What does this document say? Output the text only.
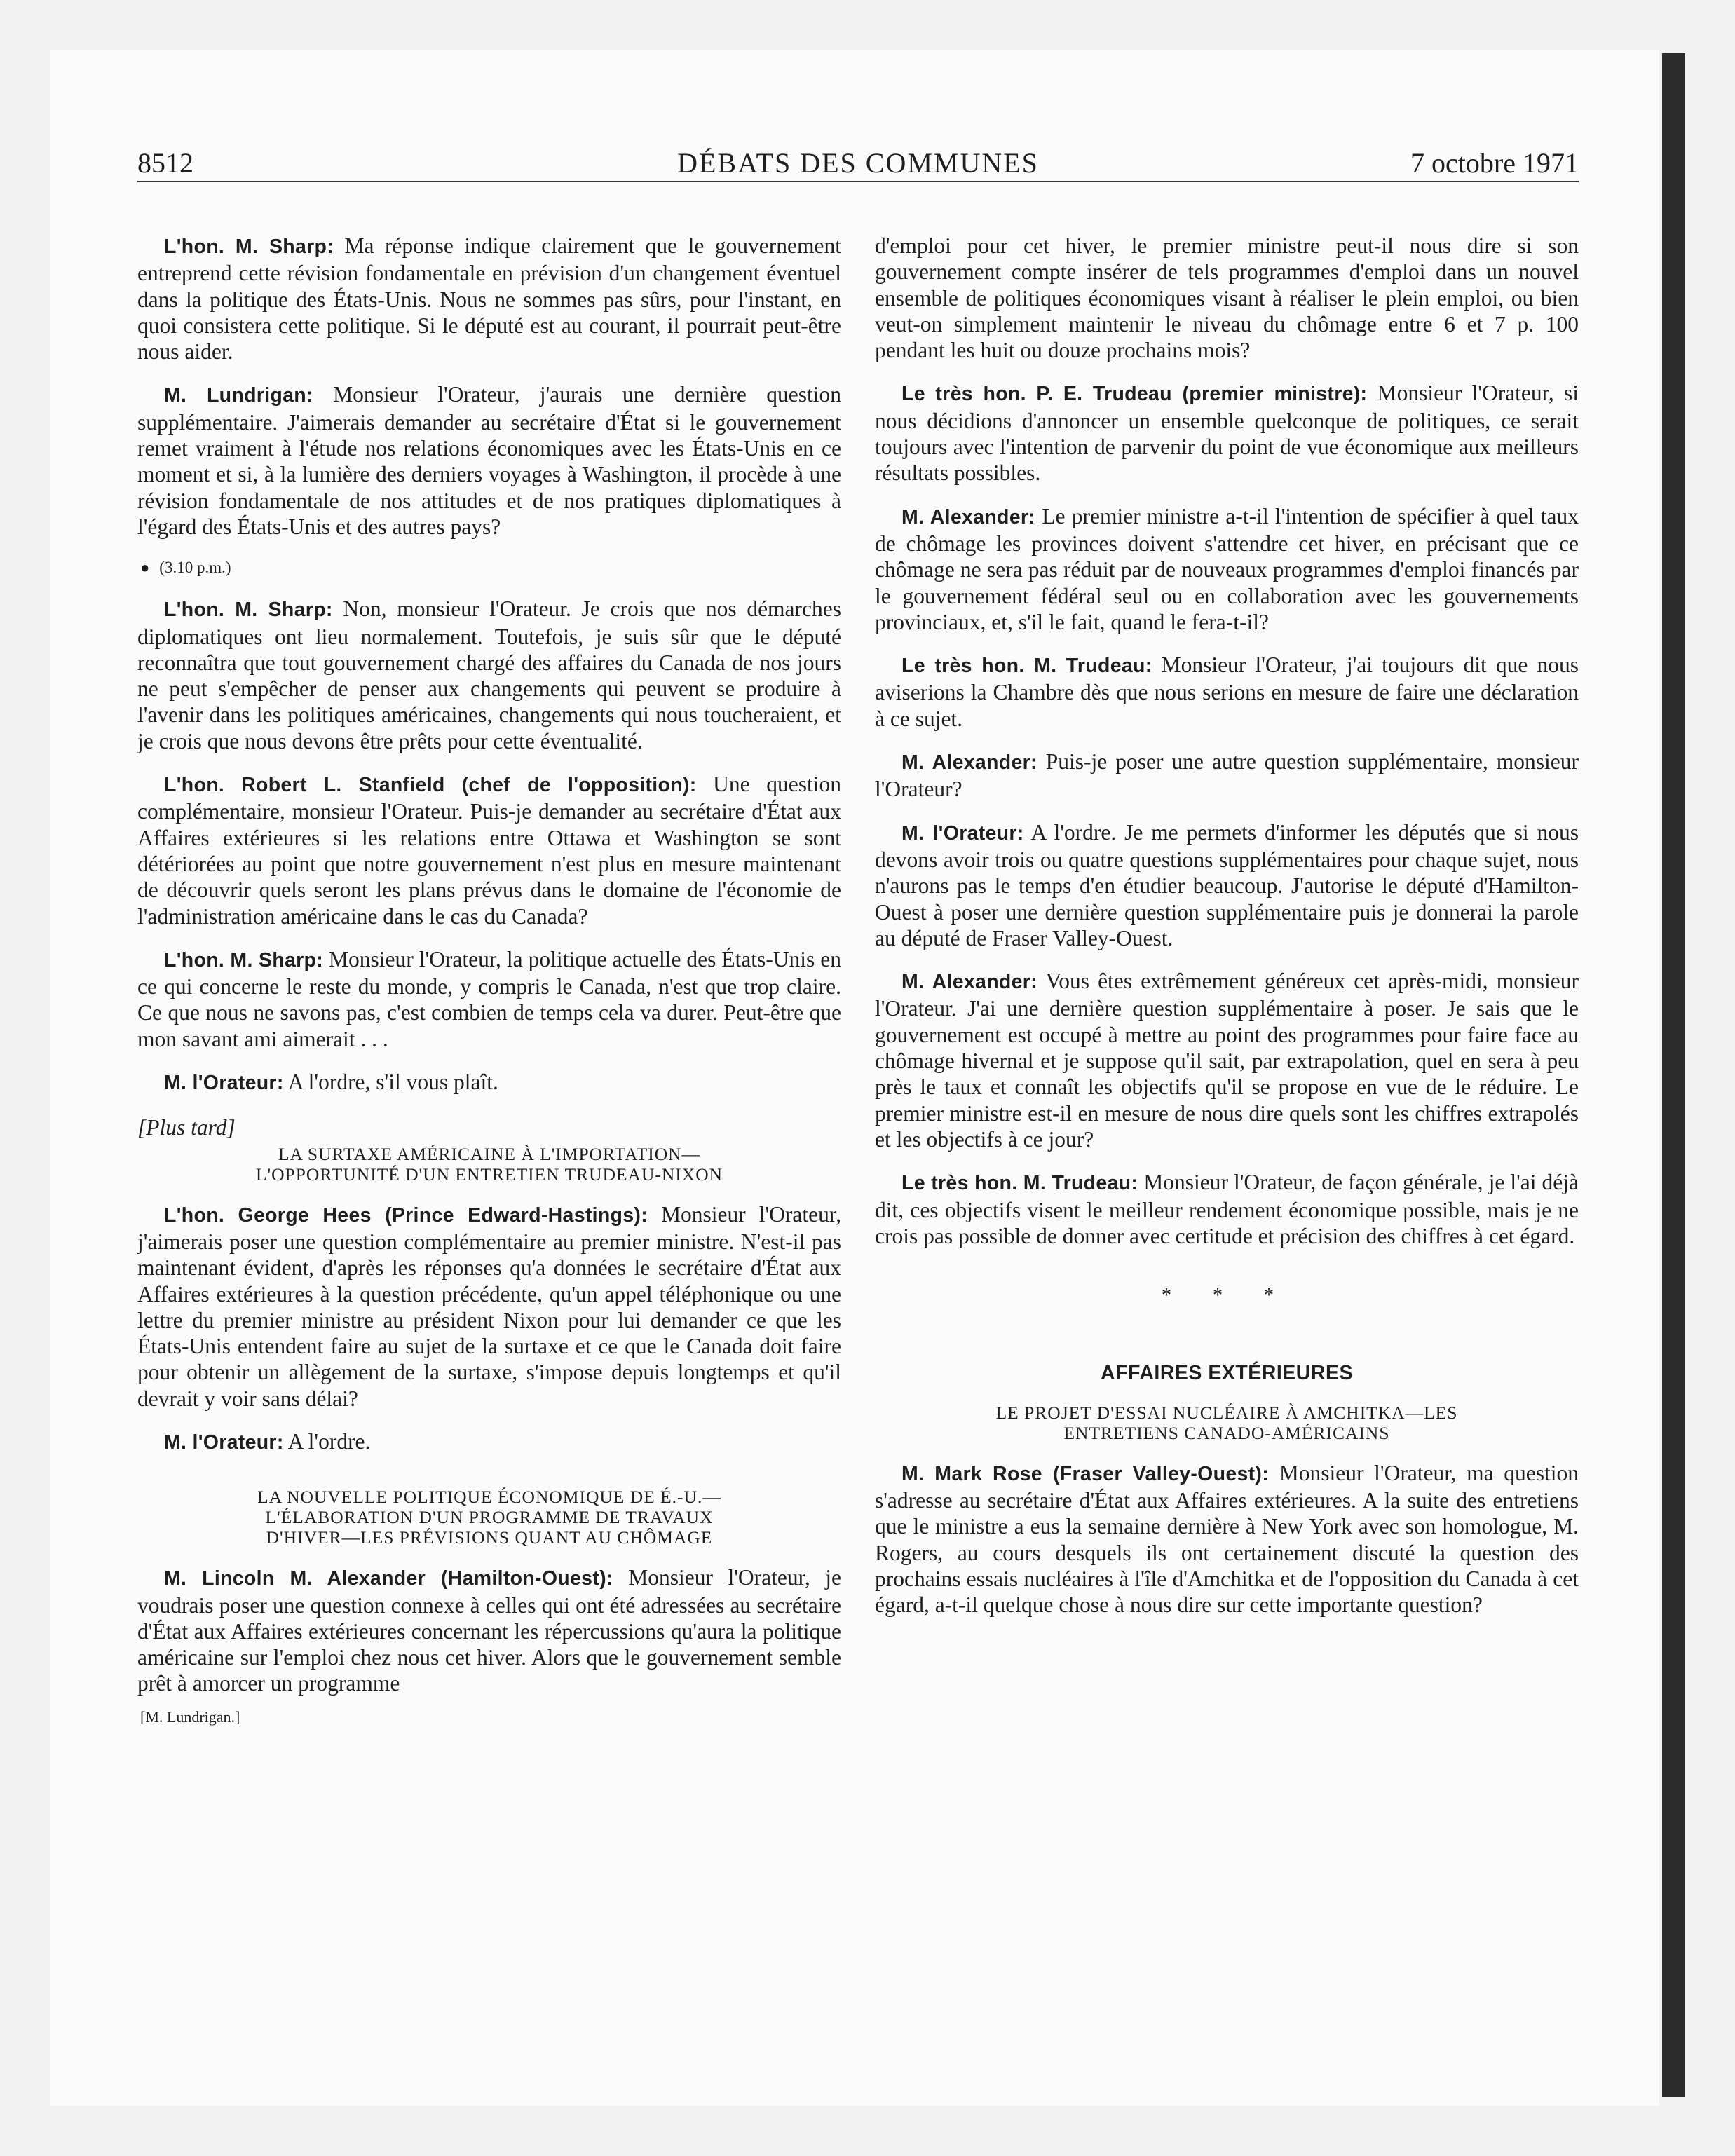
8512	DÉBATS DES COMMUNES	7 octobre 1971

L'hon. M. Sharp: Ma réponse indique clairement que le gouvernement entreprend cette révision fondamentale en prévision d'un changement éventuel dans la politique des États-Unis. Nous ne sommes pas sûrs, pour l'instant, en quoi consistera cette politique. Si le député est au courant, il pourrait peut-être nous aider.

M. Lundrigan: Monsieur l'Orateur, j'aurais une dernière question supplémentaire. J'aimerais demander au secrétaire d'État si le gouvernement remet vraiment à l'étude nos relations économiques avec les États-Unis en ce moment et si, à la lumière des derniers voyages à Washington, il procède à une révision fondamentale de nos attitudes et de nos pratiques diplomatiques à l'égard des États-Unis et des autres pays?

● (3.10 p.m.)

L'hon. M. Sharp: Non, monsieur l'Orateur. Je crois que nos démarches diplomatiques ont lieu normalement. Toutefois, je suis sûr que le député reconnaîtra que tout gouvernement chargé des affaires du Canada de nos jours ne peut s'empêcher de penser aux changements qui peuvent se produire à l'avenir dans les politiques américaines, changements qui nous toucheraient, et je crois que nous devons être prêts pour cette éventualité.

L'hon. Robert L. Stanfield (chef de l'opposition): Une question complémentaire, monsieur l'Orateur. Puis-je demander au secrétaire d'État aux Affaires extérieures si les relations entre Ottawa et Washington se sont détériorées au point que notre gouvernement n'est plus en mesure maintenant de découvrir quels seront les plans prévus dans le domaine de l'économie de l'administration américaine dans le cas du Canada?

L'hon. M. Sharp: Monsieur l'Orateur, la politique actuelle des États-Unis en ce qui concerne le reste du monde, y compris le Canada, n'est que trop claire. Ce que nous ne savons pas, c'est combien de temps cela va durer. Peut-être que mon savant ami aimerait . . .

M. l'Orateur: A l'ordre, s'il vous plaît.

[Plus tard]

LA SURTAXE AMÉRICAINE À L'IMPORTATION—
L'OPPORTUNITÉ D'UN ENTRETIEN TRUDEAU-NIXON

L'hon. George Hees (Prince Edward-Hastings): Monsieur l'Orateur, j'aimerais poser une question complémentaire au premier ministre. N'est-il pas maintenant évident, d'après les réponses qu'a données le secrétaire d'État aux Affaires extérieures à la question précédente, qu'un appel téléphonique ou une lettre du premier ministre au président Nixon pour lui demander ce que les États-Unis entendent faire au sujet de la surtaxe et ce que le Canada doit faire pour obtenir un allègement de la surtaxe, s'impose depuis longtemps et qu'il devrait y voir sans délai?

M. l'Orateur: A l'ordre.

LA NOUVELLE POLITIQUE ÉCONOMIQUE DE É.-U.—
L'ÉLABORATION D'UN PROGRAMME DE TRAVAUX
D'HIVER—LES PRÉVISIONS QUANT AU CHÔMAGE

M. Lincoln M. Alexander (Hamilton-Ouest): Monsieur l'Orateur, je voudrais poser une question connexe à celles qui ont été adressées au secrétaire d'État aux Affaires extérieures concernant les répercussions qu'aura la politique américaine sur l'emploi chez nous cet hiver. Alors que le gouvernement semble prêt à amorcer un programme

[M. Lundrigan.]

d'emploi pour cet hiver, le premier ministre peut-il nous dire si son gouvernement compte insérer de tels programmes d'emploi dans un nouvel ensemble de politiques économiques visant à réaliser le plein emploi, ou bien veut-on simplement maintenir le niveau du chômage entre 6 et 7 p. 100 pendant les huit ou douze prochains mois?

Le très hon. P. E. Trudeau (premier ministre): Monsieur l'Orateur, si nous décidions d'annoncer un ensemble quelconque de politiques, ce serait toujours avec l'intention de parvenir du point de vue économique aux meilleurs résultats possibles.

M. Alexander: Le premier ministre a-t-il l'intention de spécifier à quel taux de chômage les provinces doivent s'attendre cet hiver, en précisant que ce chômage ne sera pas réduit par de nouveaux programmes d'emploi financés par le gouvernement fédéral seul ou en collaboration avec les gouvernements provinciaux, et, s'il le fait, quand le fera-t-il?

Le très hon. M. Trudeau: Monsieur l'Orateur, j'ai toujours dit que nous aviserions la Chambre dès que nous serions en mesure de faire une déclaration à ce sujet.

M. Alexander: Puis-je poser une autre question supplémentaire, monsieur l'Orateur?

M. l'Orateur: A l'ordre. Je me permets d'informer les députés que si nous devons avoir trois ou quatre questions supplémentaires pour chaque sujet, nous n'aurons pas le temps d'en étudier beaucoup. J'autorise le député d'Hamilton-Ouest à poser une dernière question supplémentaire puis je donnerai la parole au député de Fraser Valley-Ouest.

M. Alexander: Vous êtes extrêmement généreux cet après-midi, monsieur l'Orateur. J'ai une dernière question supplémentaire à poser. Je sais que le gouvernement est occupé à mettre au point des programmes pour faire face au chômage hivernal et je suppose qu'il sait, par extrapolation, quel en sera à peu près le taux et connaît les objectifs qu'il se propose en vue de le réduire. Le premier ministre est-il en mesure de nous dire quels sont les chiffres extrapolés et les objectifs à ce jour?

Le très hon. M. Trudeau: Monsieur l'Orateur, de façon générale, je l'ai déjà dit, ces objectifs visent le meilleur rendement économique possible, mais je ne crois pas possible de donner avec certitude et précision des chiffres à cet égard.

* * *
AFFAIRES EXTÉRIEURES
LE PROJET D'ESSAI NUCLÉAIRE À AMCHITKA—LES
ENTRETIENS CANADO-AMÉRICAINS

M. Mark Rose (Fraser Valley-Ouest): Monsieur l'Orateur, ma question s'adresse au secrétaire d'État aux Affaires extérieures. A la suite des entretiens que le ministre a eus la semaine dernière à New York avec son homologue, M. Rogers, au cours desquels ils ont certainement discuté la question des prochains essais nucléaires à l'île d'Amchitka et de l'opposition du Canada à cet égard, a-t-il quelque chose à nous dire sur cette importante question?
